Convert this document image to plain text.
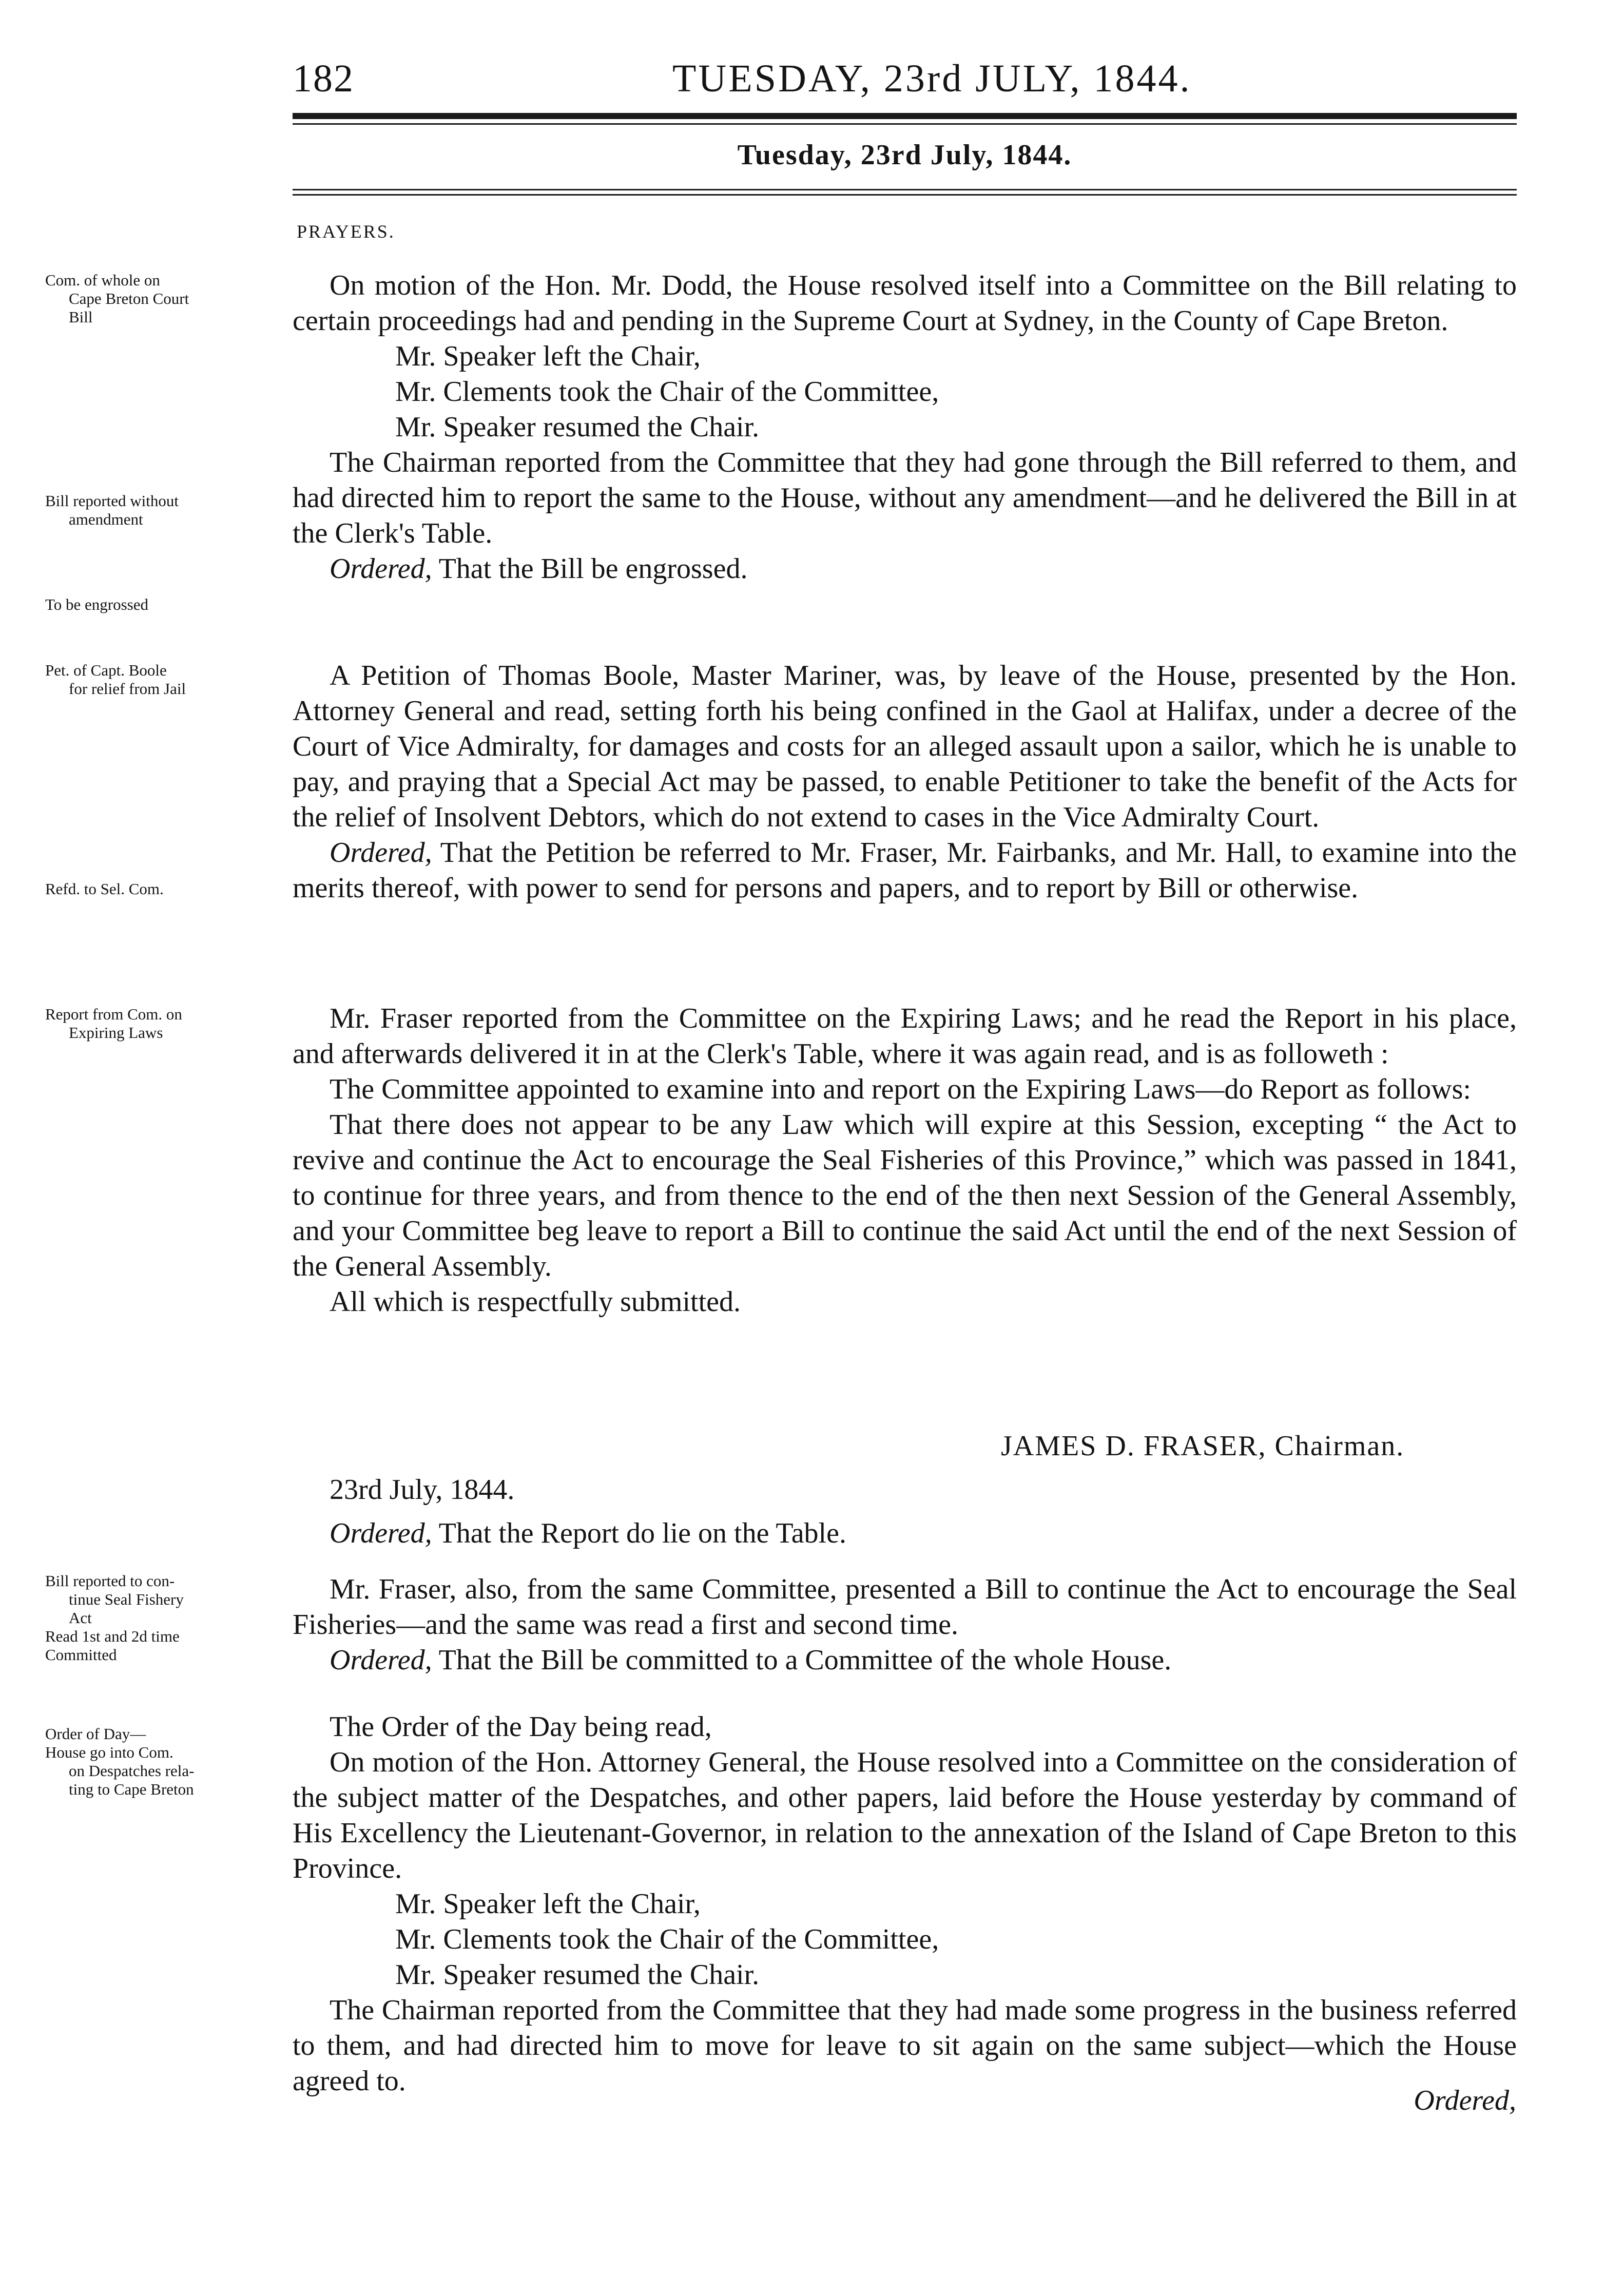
182	TUESDAY, 23rd JULY, 1844.
Tuesday, 23rd July, 1844.
PRAYERS.
Com. of whole on
Cape Breton Court
Bill
Bill reported without
amendment
To be engrossed
Pet. of Capt. Boole
for relief from Jail
Refd. to Sel. Com.
Report from Com. on
Expiring Laws
Bill reported to con-
tinue Seal Fishery
Act
Read 1st and 2d time
Committed
Order of Day—
House go into Com.
on Despatches rela-
ting to Cape Breton

On motion of the Hon. Mr. Dodd, the House resolved itself into a Committee on the Bill relating to certain proceedings had and pending in the Supreme Court at Sydney, in the County of Cape Breton.

Mr. Speaker left the Chair,
Mr. Clements took the Chair of the Committee,
Mr. Speaker resumed the Chair.

The Chairman reported from the Committee that they had gone through the Bill referred to them, and had directed him to report the same to the House, without any amendment—and he delivered the Bill in at the Clerk's Table.

Ordered, That the Bill be engrossed.

A Petition of Thomas Boole, Master Mariner, was, by leave of the House, presented by the Hon. Attorney General and read, setting forth his being confined in the Gaol at Halifax, under a decree of the Court of Vice Admiralty, for damages and costs for an alleged assault upon a sailor, which he is unable to pay, and praying that a Special Act may be passed, to enable Petitioner to take the benefit of the Acts for the relief of Insolvent Debtors, which do not extend to cases in the Vice Admiralty Court.

Ordered, That the Petition be referred to Mr. Fraser, Mr. Fairbanks, and Mr. Hall, to examine into the merits thereof, with power to send for persons and papers, and to report by Bill or otherwise.

Mr. Fraser reported from the Committee on the Expiring Laws; and he read the Report in his place, and afterwards delivered it in at the Clerk's Table, where it was again read, and is as followeth :

The Committee appointed to examine into and report on the Expiring Laws—do Report as follows:

That there does not appear to be any Law which will expire at this Session, excepting “ the Act to revive and continue the Act to encourage the Seal Fisheries of this Province,” which was passed in 1841, to continue for three years, and from thence to the end of the then next Session of the General Assembly, and your Committee beg leave to report a Bill to continue the said Act until the end of the next Session of the General Assembly.

All which is respectfully submitted.
JAMES D. FRASER, Chairman.
23rd July, 1844.
Ordered, That the Report do lie on the Table.

Mr. Fraser, also, from the same Committee, presented a Bill to continue the Act to encourage the Seal Fisheries—and the same was read a first and second time.

Ordered, That the Bill be committed to a Committee of the whole House.

The Order of the Day being read,

On motion of the Hon. Attorney General, the House resolved into a Committee on the consideration of the subject matter of the Despatches, and other papers, laid before the House yesterday by command of His Excellency the Lieutenant-Governor, in relation to the annexation of the Island of Cape Breton to this Province.

Mr. Speaker left the Chair,
Mr. Clements took the Chair of the Committee,
Mr. Speaker resumed the Chair.

The Chairman reported from the Committee that they had made some progress in the business referred to them, and had directed him to move for leave to sit again on the same subject—which the House agreed to.

Ordered,
